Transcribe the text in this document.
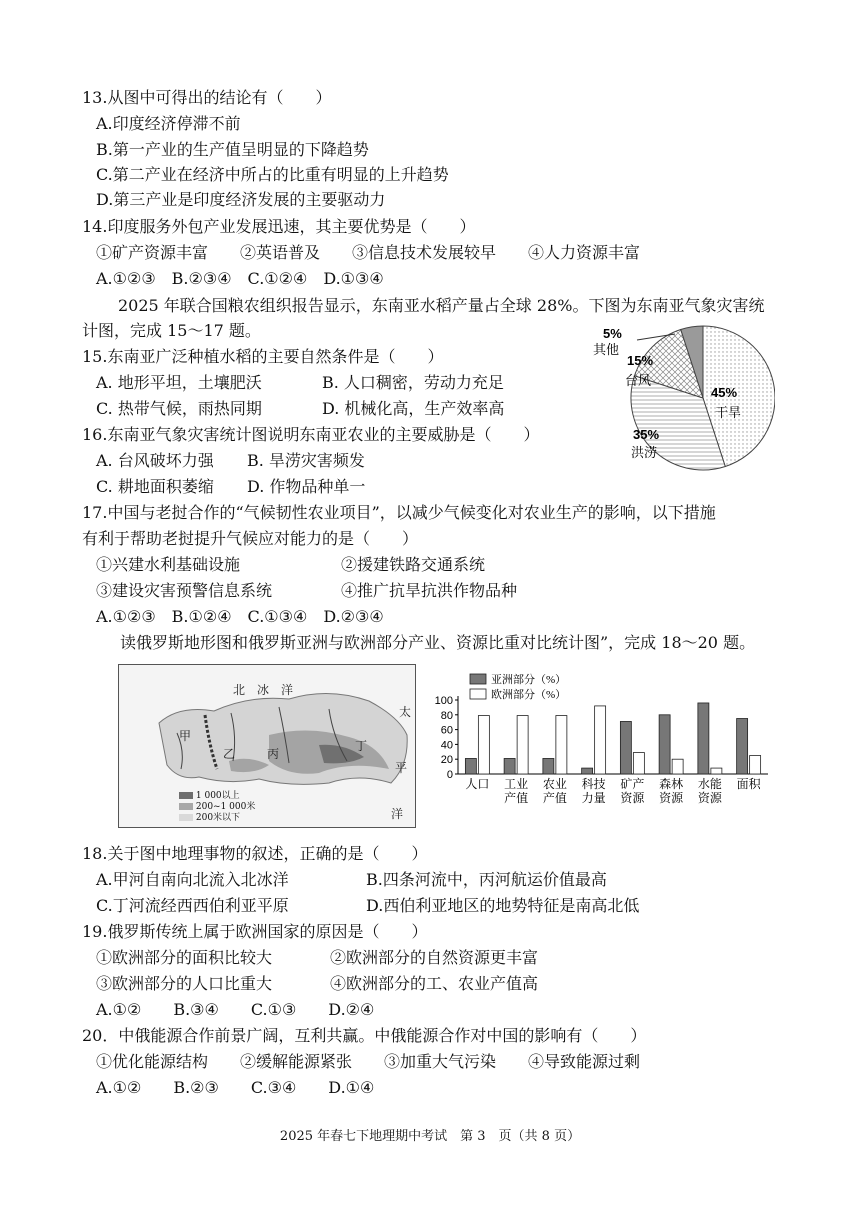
13.从图中可得出的结论有（　　）
A.印度经济停滞不前
B.第一产业的生产值呈明显的下降趋势
C.第二产业在经济中所占的比重有明显的上升趋势
D.第三产业是印度经济发展的主要驱动力
14.印度服务外包产业发展迅速，其主要优势是（　　）
①矿产资源丰富　　②英语普及　　③信息技术发展较早　　④人力资源丰富
A.①②③　B.②③④　C.①②④　D.①③④
2025 年联合国粮农组织报告显示，东南亚水稻产量占全球 28%。下图为东南亚气象灾害统
计图，完成 15～17 题。
15.东南亚广泛种植水稻的主要自然条件是（　　）
A. 地形平坦，土壤肥沃	B. 人口稠密，劳动力充足
C. 热带气候，雨热同期	D. 机械化高，生产效率高
16.东南亚气象灾害统计图说明东南亚农业的主要威胁是（　　）
A. 台风破坏力强 B. 旱涝灾害频发
C. 耕地面积萎缩 D. 作物品种单一
5%
其他
15%
台风
45%
干旱
35%
洪涝
17.中国与老挝合作的“气候韧性农业项目”，以减少气候变化对农业生产的影响，以下措施
有利于帮助老挝提升气候应对能力的是（　　）
①兴建水利基础设施	②援建铁路交通系统
③建设灾害预警信息系统	④推广抗旱抗洪作物品种
A.①②③　B.①②④　C.①③④　D.②③④
读俄罗斯地形图和俄罗斯亚洲与欧洲部分产业、资源比重对比统计图”，完成 18～20 题。
北　冰　洋
太
平
洋
甲
乙	丙
丁
1 000以上
200~1 000米
200米以下
0
20
40
60
80
100
人口 工业
产值
农业
产值
科技
力量
矿产
资源
森林
资源
水能
资源
面积
亚洲部分（%）
欧洲部分（%）
18.关于图中地理事物的叙述，正确的是（　　）
A.甲河自南向北流入北冰洋	B.四条河流中，丙河航运价值最高
C.丁河流经西西伯利亚平原	D.西伯利亚地区的地势特征是南高北低
19.俄罗斯传统上属于欧洲国家的原因是（　　）
①欧洲部分的面积比较大	②欧洲部分的自然资源更丰富
③欧洲部分的人口比重大	④欧洲部分的工、农业产值高
A.①②　　B.③④　　C.①③　　D.②④
20．中俄能源合作前景广阔，互利共赢。中俄能源合作对中国的影响有（　　）
①优化能源结构　　②缓解能源紧张　　③加重大气污染　　④导致能源过剩
A.①②　　B.②③　　C.③④　　D.①④
2025 年春七下地理期中考试　第 3　页（共 8 页）
